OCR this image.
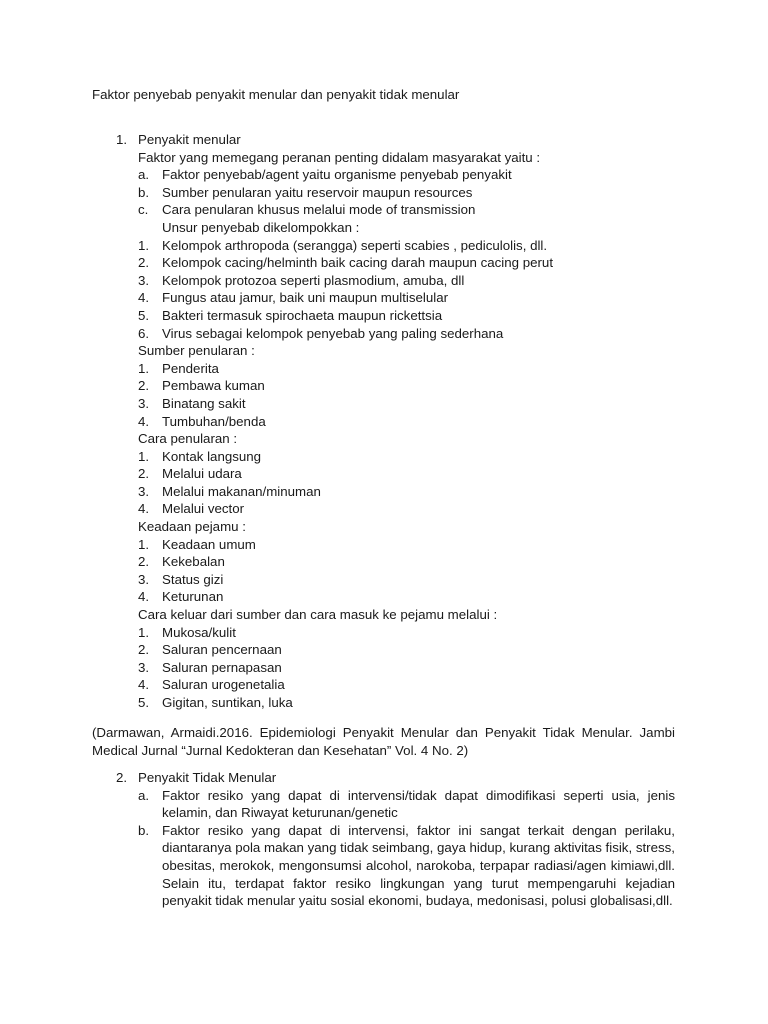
Faktor penyebab penyakit menular dan penyakit tidak menular
1. Penyakit menular
Faktor yang memegang peranan penting didalam masyarakat yaitu :
a. Faktor penyebab/agent yaitu organisme penyebab penyakit
b. Sumber penularan yaitu reservoir maupun resources
c. Cara penularan khusus melalui mode of transmission
Unsur penyebab dikelompokkan :
1. Kelompok arthropoda (serangga) seperti scabies , pediculolis, dll.
2. Kelompok cacing/helminth baik cacing darah maupun cacing perut
3. Kelompok protozoa seperti plasmodium, amuba, dll
4. Fungus atau jamur, baik uni maupun multiselular
5. Bakteri termasuk spirochaeta maupun rickettsia
6. Virus sebagai kelompok penyebab yang paling sederhana
Sumber penularan :
1. Penderita
2. Pembawa kuman
3. Binatang sakit
4. Tumbuhan/benda
Cara penularan :
1. Kontak langsung
2. Melalui udara
3. Melalui makanan/minuman
4. Melalui vector
Keadaan pejamu :
1. Keadaan umum
2. Kekebalan
3. Status gizi
4. Keturunan
Cara keluar dari sumber dan cara masuk ke pejamu melalui :
1. Mukosa/kulit
2. Saluran pencernaan
3. Saluran pernapasan
4. Saluran urogenetalia
5. Gigitan, suntikan, luka
(Darmawan, Armaidi.2016. Epidemiologi Penyakit Menular dan Penyakit Tidak Menular. Jambi Medical Jurnal “Jurnal Kedokteran dan Kesehatan” Vol. 4 No. 2)
2. Penyakit Tidak Menular
a. Faktor resiko yang dapat di intervensi/tidak dapat dimodifikasi seperti usia, jenis kelamin, dan Riwayat keturunan/genetic
b. Faktor resiko yang dapat di intervensi, faktor ini sangat terkait dengan perilaku, diantaranya pola makan yang tidak seimbang, gaya hidup, kurang aktivitas fisik, stress, obesitas, merokok, mengonsumsi alcohol, narokoba, terpapar radiasi/agen kimiawi,dll. Selain itu, terdapat faktor resiko lingkungan yang turut mempengaruhi kejadian penyakit tidak menular yaitu sosial ekonomi, budaya, medonisasi, polusi globalisasi,dll.
